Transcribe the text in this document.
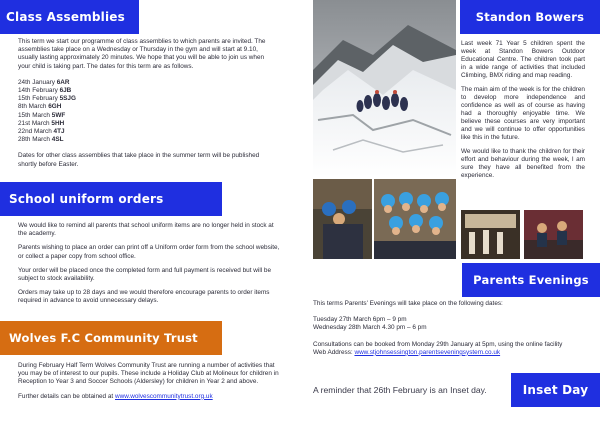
Class Assemblies

This term we start our programme of class assemblies to which parents are invited. The assemblies take place on a Wednesday or Thursday in the gym and will start at 9.10, usually lasting approximately 20 minutes. We hope that you will be able to join us when your child is taking part. The dates for this term are as follows.

24th January 6AR

14th February 6JB

15th February 5SJG

8th March 6GH

15th March 5WF

21st March 5HH

22nd March 4TJ

28th March 4SL

Dates for other class assemblies that take place in the summer term will be published shortly before Easter.

School uniform orders

We would like to remind all parents that school uniform items are no longer held in stock at the academy.

Parents wishing to place an order can print off a Uniform order form from the school website, or collect a paper copy from school office.

Your order will be placed once the completed form and full payment is received but will be subject to stock availability.

Orders may take up to 28 days and we would therefore encourage parents to order items required in advance to avoid unnecessary delays.

Wolves F.C Community Trust

During February Half Term Wolves Community Trust are running a number of activities that you may be of interest to our pupils. These include a Holiday Club at Molineux for children in Reception to Year 3 and Soccer Schools (Aldersley) for children in Year 2 and above.

Further details can be obtained at www.wolvescommunitytrust.org.uk

Standon Bowers

Last week 71 Year 5 children spent the week at Standon Bowers Outdoor Educational Centre. The children took part in a wide range of activities that included Climbing, BMX riding and map reading.

The main aim of the week is for the children to develop more independence and confidence as well as of course as having had a thoroughly enjoyable time. We believe these courses are very important and we will continue to offer opportunities like this in the future.

We would like to thank the children for their effort and behaviour during the week, I am sure they have all benefited from the experience.

Parents Evenings

This terms Parents' Evenings will take place on the following dates:

Tuesday 27th March 6pm – 9 pm

Wednesday 28th March 4.30 pm – 6 pm

Consultations can be booked from Monday 29th January at 5pm, using the online facility

Web Address: www.stjohnsessington.parentseveningsystem.co.uk

A reminder that 26th February is an Inset day.	Inset Day
